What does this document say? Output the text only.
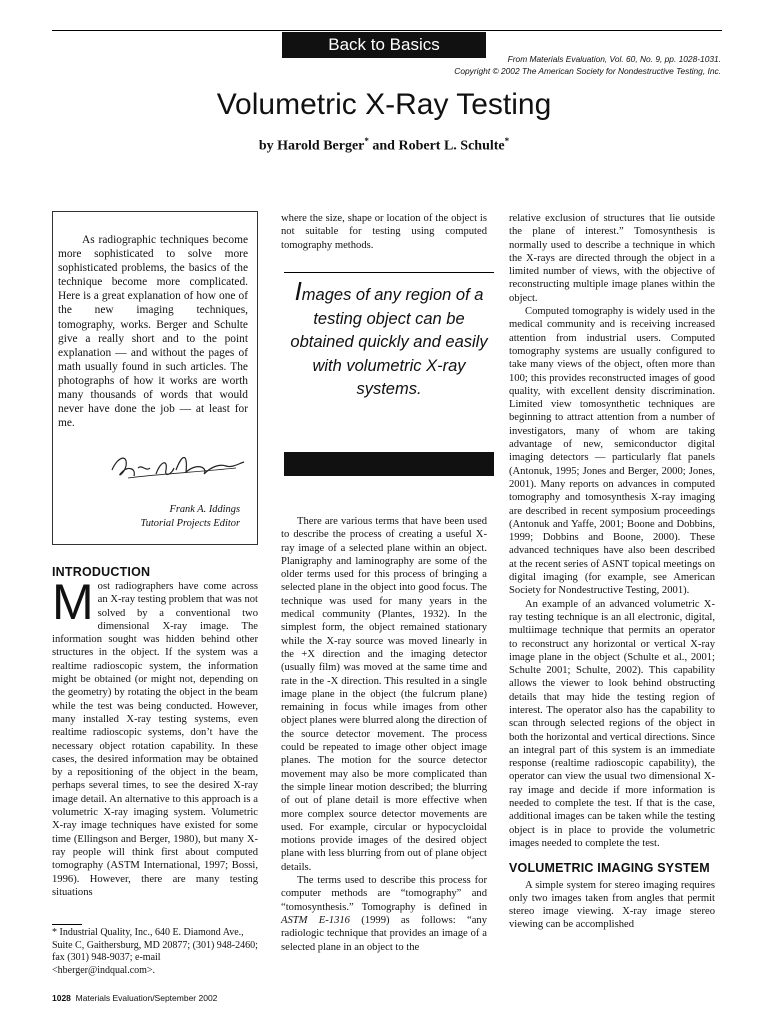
Back to Basics
From Materials Evaluation, Vol. 60, No. 9, pp. 1028-1031.
Copyright © 2002 The American Society for Nondestructive Testing, Inc.
Volumetric X-Ray Testing
by Harold Berger* and Robert L. Schulte*
As radiographic techniques become more sophisticated to solve more sophisticated problems, the basics of the technique become more complicated. Here is a great explanation of how one of the new imaging techniques, tomography, works. Berger and Schulte give a really short and to the point explanation — and without the pages of math usually found in such articles. The photographs of how it works are worth many thousands of words that would never have done the job — at least for me.
Frank A. Iddings
Tutorial Projects Editor
INTRODUCTION
Most radiographers have come across an X-ray testing problem that was not solved by a conventional two dimensional X-ray image. The information sought was hidden behind other structures in the object. If the system was a realtime radioscopic system, the information might be obtained (or might not, depending on the geometry) by rotating the object in the beam while the test was being conducted. However, many installed X-ray testing systems, even realtime radioscopic systems, don’t have the necessary object rotation capability. In these cases, the desired information may be obtained by a repositioning of the object in the beam, perhaps several times, to see the desired X-ray image detail. An alternative to this approach is a volumetric X-ray imaging system. Volumetric X-ray image techniques have existed for some time (Ellingson and Berger, 1980), but many X-ray people will think first about computed tomography (ASTM International, 1997; Bossi, 1996). However, there are many testing situations
* Industrial Quality, Inc., 640 E. Diamond Ave., Suite C, Gaithersburg, MD 20877; (301) 948-2460; fax (301) 948-9037; e-mail <hberger@indqual.com>.

where the size, shape or location of the object is not suitable for testing using computed tomography methods.

Images of any region of a testing object can be obtained quickly and easily with volumetric X-ray systems.

There are various terms that have been used to describe the process of creating a useful X-ray image of a selected plane within an object. Planigraphy and laminography are some of the older terms used for this process of bringing a selected plane in the object into good focus. The technique was used for many years in the medical community (Plantes, 1932). In the simplest form, the object remained stationary while the X-ray source was moved linearly in the +X direction and the imaging detector (usually film) was moved at the same time and rate in the -X direction. This resulted in a single image plane in the object (the fulcrum plane) remaining in focus while images from other object planes were blurred along the direction of the source detector movement. The process could be repeated to image other object image planes. The motion for the source detector movement may also be more complicated than the simple linear motion described; the blurring of out of plane detail is more effective when more complex source detector movements are used. For example, circular or hypocycloidal motions provide images of the desired object plane with less blurring from out of plane object details.

The terms used to describe this process for computer methods are “tomography” and “tomosynthesis.” Tomography is defined in ASTM E-1316 (1999) as follows: “any radiologic technique that provides an image of a selected plane in an object to the

relative exclusion of structures that lie outside the plane of interest.” Tomosynthesis is normally used to describe a technique in which the X-rays are directed through the object in a limited number of views, with the objective of reconstructing multiple image planes within the object.

Computed tomography is widely used in the medical community and is receiving increased attention from industrial users. Computed tomography systems are usually configured to take many views of the object, often more than 100; this provides reconstructed images of good quality, with excellent density discrimination. Limited view tomosynthetic techniques are beginning to attract attention from a number of investigators, many of whom are taking advantage of new, semiconductor digital imaging detectors — particularly flat panels (Antonuk, 1995; Jones and Berger, 2000; Jones, 2001). Many reports on advances in computed tomography and tomosynthesis X-ray imaging are described in recent symposium proceedings (Antonuk and Yaffe, 2001; Boone and Dobbins, 1999; Dobbins and Boone, 2000). These advanced techniques have also been described at the recent series of ASNT topical meetings on digital imaging (for example, see American Society for Nondestructive Testing, 2001).

An example of an advanced volumetric X-ray testing technique is an all electronic, digital, multiimage technique that permits an operator to reconstruct any horizontal or vertical X-ray image plane in the object (Schulte et al., 2001; Schulte 2001; Schulte, 2002). This capability allows the viewer to look behind obstructing details that may hide the testing region of interest. The operator also has the capability to scan through selected regions of the object in both the horizontal and vertical directions. Since an integral part of this system is an immediate response (realtime radioscopic capability), the operator can view the usual two dimensional X-ray image and decide if more information is needed to complete the test. If that is the case, additional images can be taken while the testing object is in place to provide the volumetric images needed to complete the test.

VOLUMETRIC IMAGING SYSTEM

A simple system for stereo imaging requires only two images taken from angles that permit stereo image viewing. X-ray image stereo viewing can be accomplished

1028 Materials Evaluation/September 2002
